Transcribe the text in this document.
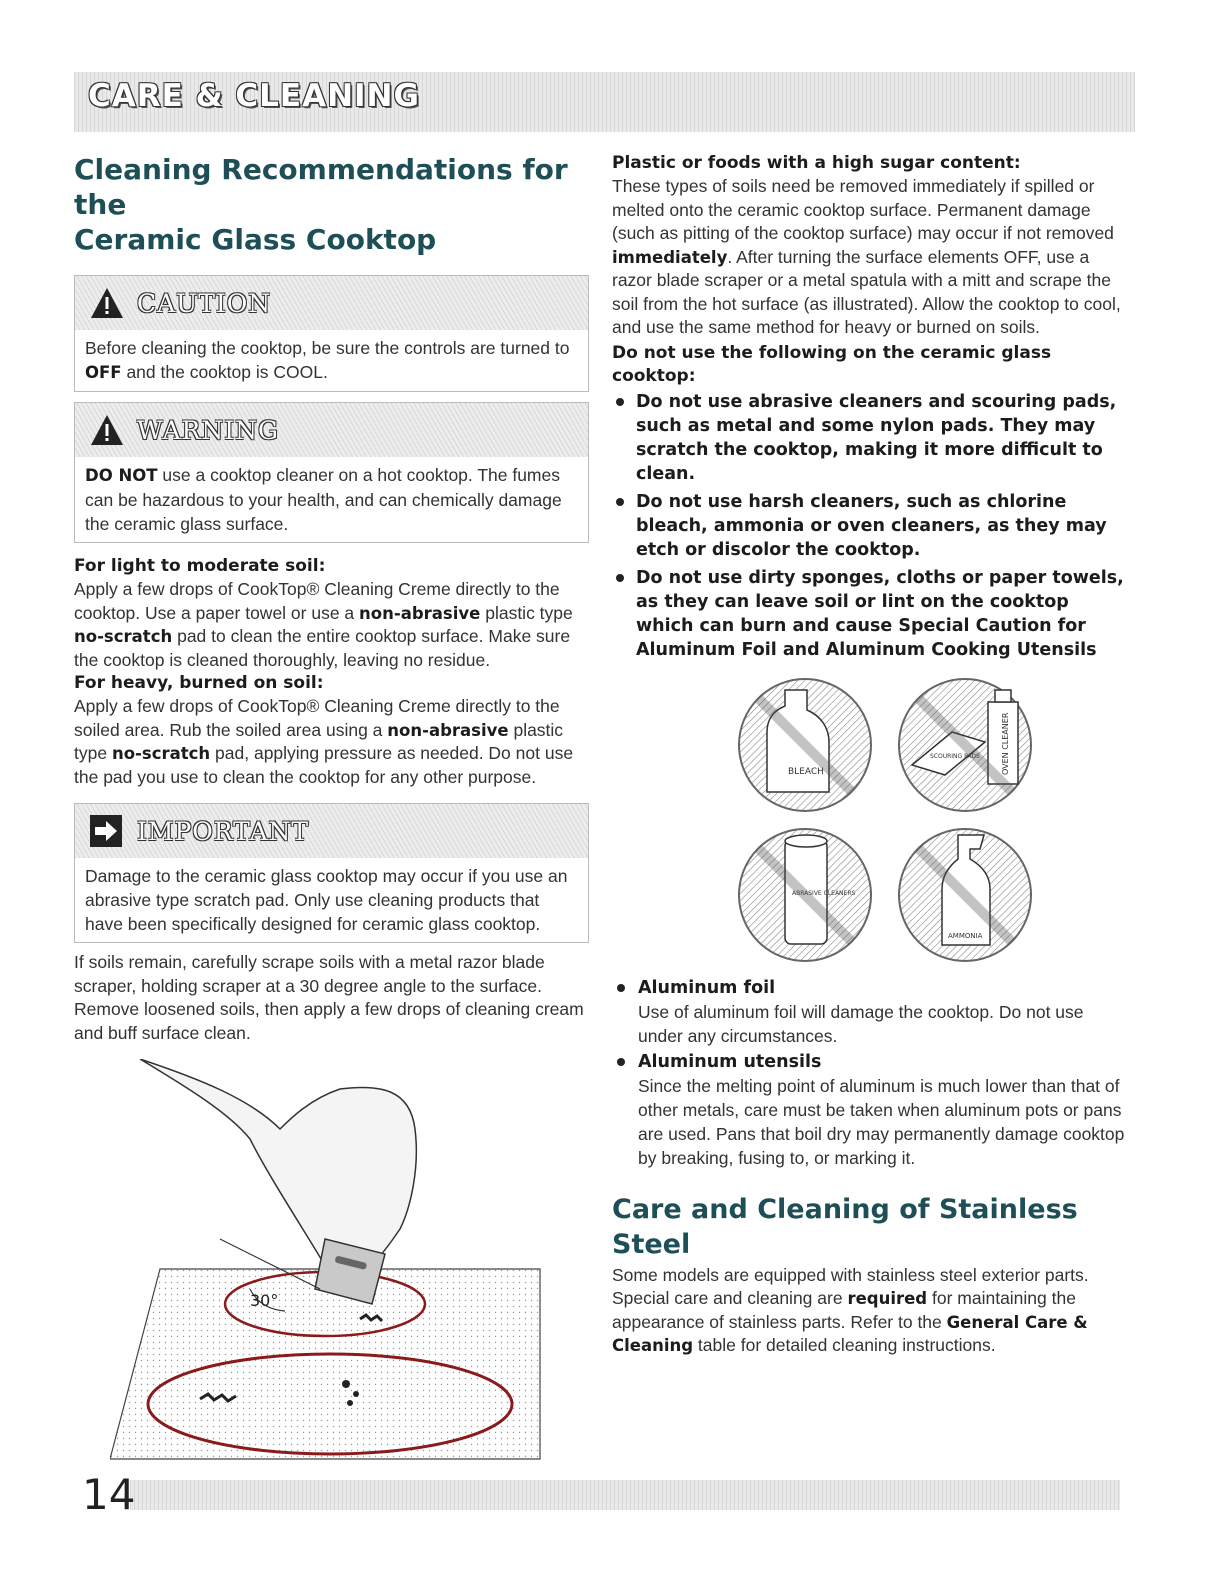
CARE & CLEANING
Cleaning Recommendations for the
Ceramic Glass Cooktop
CAUTION
Before cleaning the cooktop, be sure the controls are turned to OFF and the cooktop is COOL.
WARNING
DO NOT use a cooktop cleaner on a hot cooktop. The fumes can be hazardous to your health, and can chemically damage the ceramic glass surface.
For light to moderate soil:

Apply a few drops of CookTop® Cleaning Creme directly to the cooktop. Use a paper towel or use a non-abrasive plastic type no-scratch pad to clean the entire cooktop surface. Make sure the cooktop is cleaned thoroughly, leaving no residue.

For heavy, burned on soil:

Apply a few drops of CookTop® Cleaning Creme directly to the soiled area. Rub the soiled area using a non-abrasive plastic type no-scratch pad, applying pressure as needed. Do not use the pad you use to clean the cooktop for any other purpose.

IMPORTANT
Damage to the ceramic glass cooktop may occur if you use an abrasive type scratch pad. Only use cleaning products that have been specifically designed for ceramic glass cooktop.

If soils remain, carefully scrape soils with a metal razor blade scraper, holding scraper at a 30 degree angle to the surface. Remove loosened soils, then apply a few drops of cleaning cream and buff surface clean.

30°
Plastic or foods with a high sugar content:

These types of soils need be removed immediately if spilled or melted onto the ceramic cooktop surface. Permanent damage (such as pitting of the cooktop surface) may occur if not removed immediately. After turning the surface elements OFF, use a razor blade scraper or a metal spatula with a mitt and scrape the soil from the hot surface (as illustrated). Allow the cooktop to cool, and use the same method for heavy or burned on soils.

Do not use the following on the ceramic glass cooktop:
Do not use abrasive cleaners and scouring pads, such as metal and some nylon pads. They may scratch the cooktop, making it more difficult to clean.
Do not use harsh cleaners, such as chlorine bleach, ammonia or oven cleaners, as they may etch or discolor the cooktop.
Do not use dirty sponges, cloths or paper towels, as they can leave soil or lint on the cooktop which can burn and cause Special Caution for Aluminum Foil and Aluminum Cooking Utensils
BLEACH
SCOURING PADS	OVEN CLEANER
ABRASIVE CLEANERS
AMMONIA
Aluminum foil
Use of aluminum foil will damage the cooktop. Do not use under any circumstances.
Aluminum utensils
Since the melting point of aluminum is much lower than that of other metals, care must be taken when aluminum pots or pans are used. Pans that boil dry may permanently damage cooktop by breaking, fusing to, or marking it.
Care and Cleaning of Stainless Steel

Some models are equipped with stainless steel exterior parts. Special care and cleaning are required for maintaining the appearance of stainless parts. Refer to the General Care & Cleaning table for detailed cleaning instructions.

14
